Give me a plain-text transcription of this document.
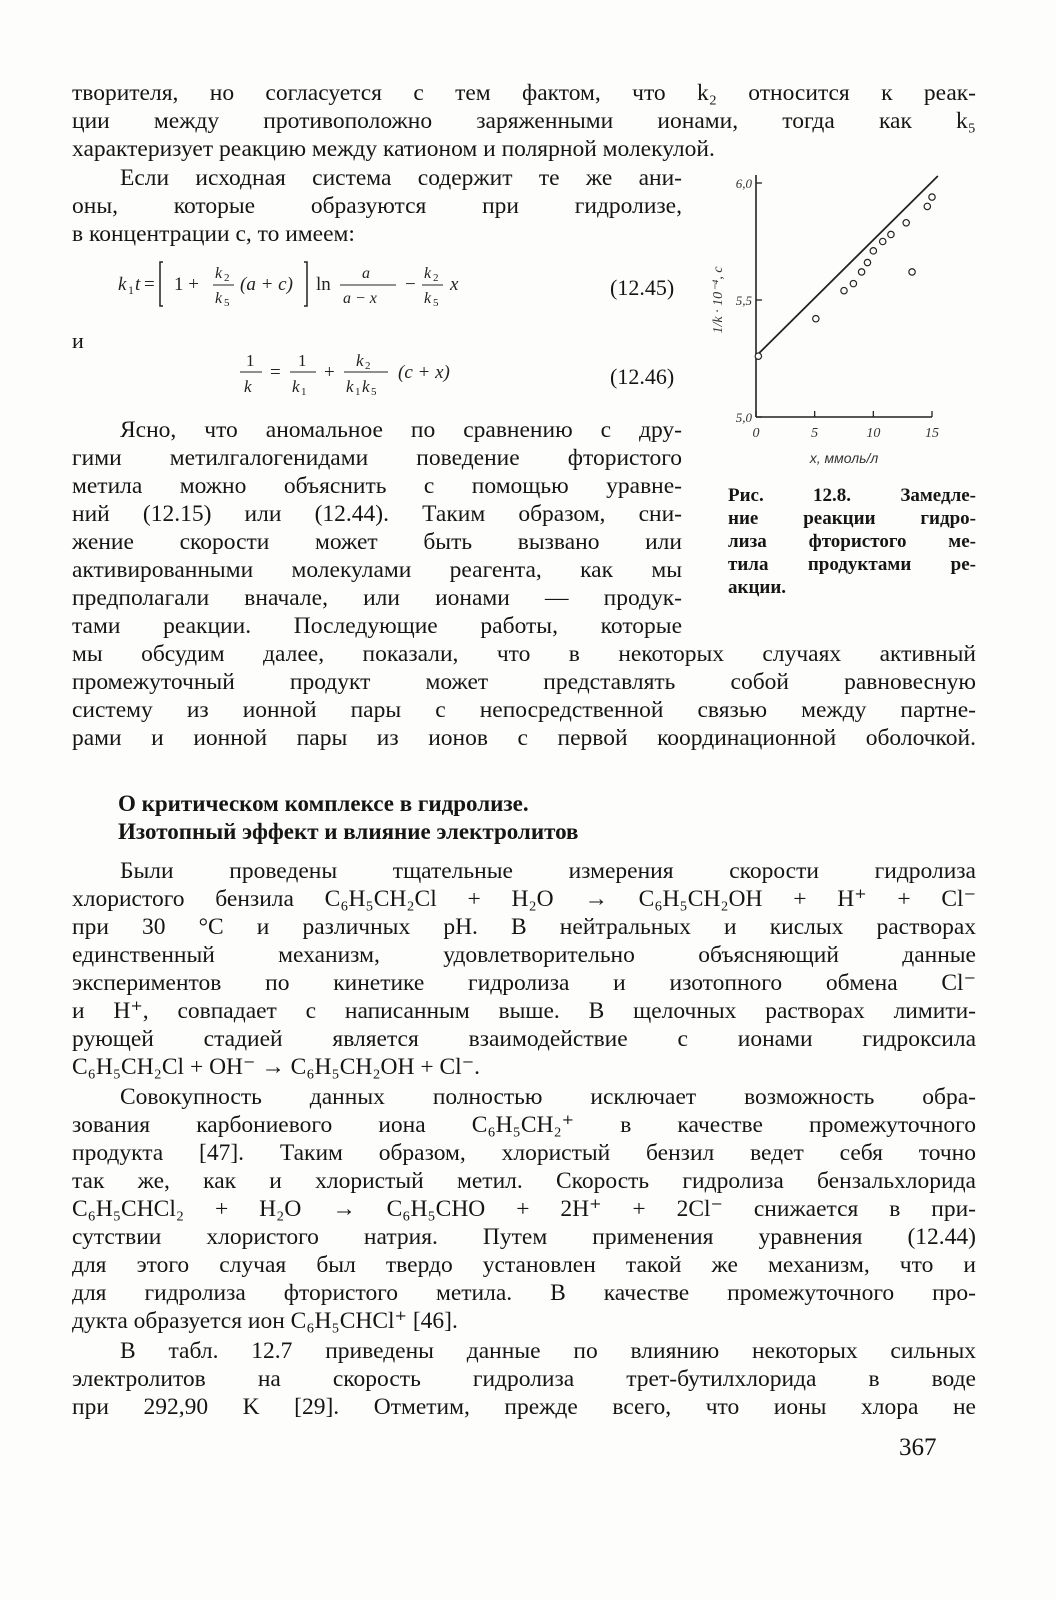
творителя, но согласуется с тем фактом, что k₂ относится к реак-
ции между противоположно заряженными ионами, тогда как k₅
характеризует реакцию между катионом и полярной молекулой.
Если исходная система содержит те же ани-
оны, которые образуются при гидролизе,
в концентрации c, то имеем:
k 1 t = 1 +
k 2
k 5
(a + c) ln
a
a − x
−
k 2
k 5
x	(12.45)
и
1
k
=
1
k 1
+
k 2
k 1 k 5
(c + x)	(12.46)
5,0
5,5
6,0
0	5	10	15
x, ммоль/л
1/k · 10⁻⁴, c
Рис. 12.8. Замедле-
ние реакции гидро-
лиза фтористого ме-
тила продуктами ре-
акции.
Ясно, что аномальное по сравнению с дру-
гими метилгалогенидами поведение фтористого
метила можно объяснить с помощью уравне-
ний (12.15) или (12.44). Таким образом, сни-
жение скорости может быть вызвано или
активированными молекулами реагента, как мы
предполагали вначале, или ионами — продук-
тами реакции. Последующие работы, которые
мы обсудим далее, показали, что в некоторых случаях активный
промежуточный продукт может представлять собой равновесную
систему из ионной пары с непосредственной связью между партне-
рами и ионной пары из ионов с первой координационной оболочкой.
О критическом комплексе в гидролизе.
Изотопный эффект и влияние электролитов
Были проведены тщательные измерения скорости гидролиза
хлористого бензила C₆H₅CH₂Cl + H₂O → C₆H₅CH₂OH + H⁺ + Cl⁻
при 30 °C и различных pH. В нейтральных и кислых растворах
единственный механизм, удовлетворительно объясняющий данные
экспериментов по кинетике гидролиза и изотопного обмена Cl⁻
и H⁺, совпадает с написанным выше. В щелочных растворах лимити-
рующей стадией является взаимодействие с ионами гидроксила
C₆H₅CH₂Cl + OH⁻ → C₆H₅CH₂OH + Cl⁻.
Совокупность данных полностью исключает возможность обра-
зования карбониевого иона C₆H₅CH₂⁺ в качестве промежуточного
продукта [47]. Таким образом, хлористый бензил ведет себя точно
так же, как и хлористый метил. Скорость гидролиза бензальхлорида
C₆H₅CHCl₂ + H₂O → C₆H₅CHO + 2H⁺ + 2Cl⁻ снижается в при-
сутствии хлористого натрия. Путем применения уравнения (12.44)
для этого случая был твердо установлен такой же механизм, что и
для гидролиза фтористого метила. В качестве промежуточного про-
дукта образуется ион C₆H₅CHCl⁺ [46].
В табл. 12.7 приведены данные по влиянию некоторых сильных
электролитов на скорость гидролиза трет-бутилхлорида в воде
при 292,90 K [29]. Отметим, прежде всего, что ионы хлора не
367
